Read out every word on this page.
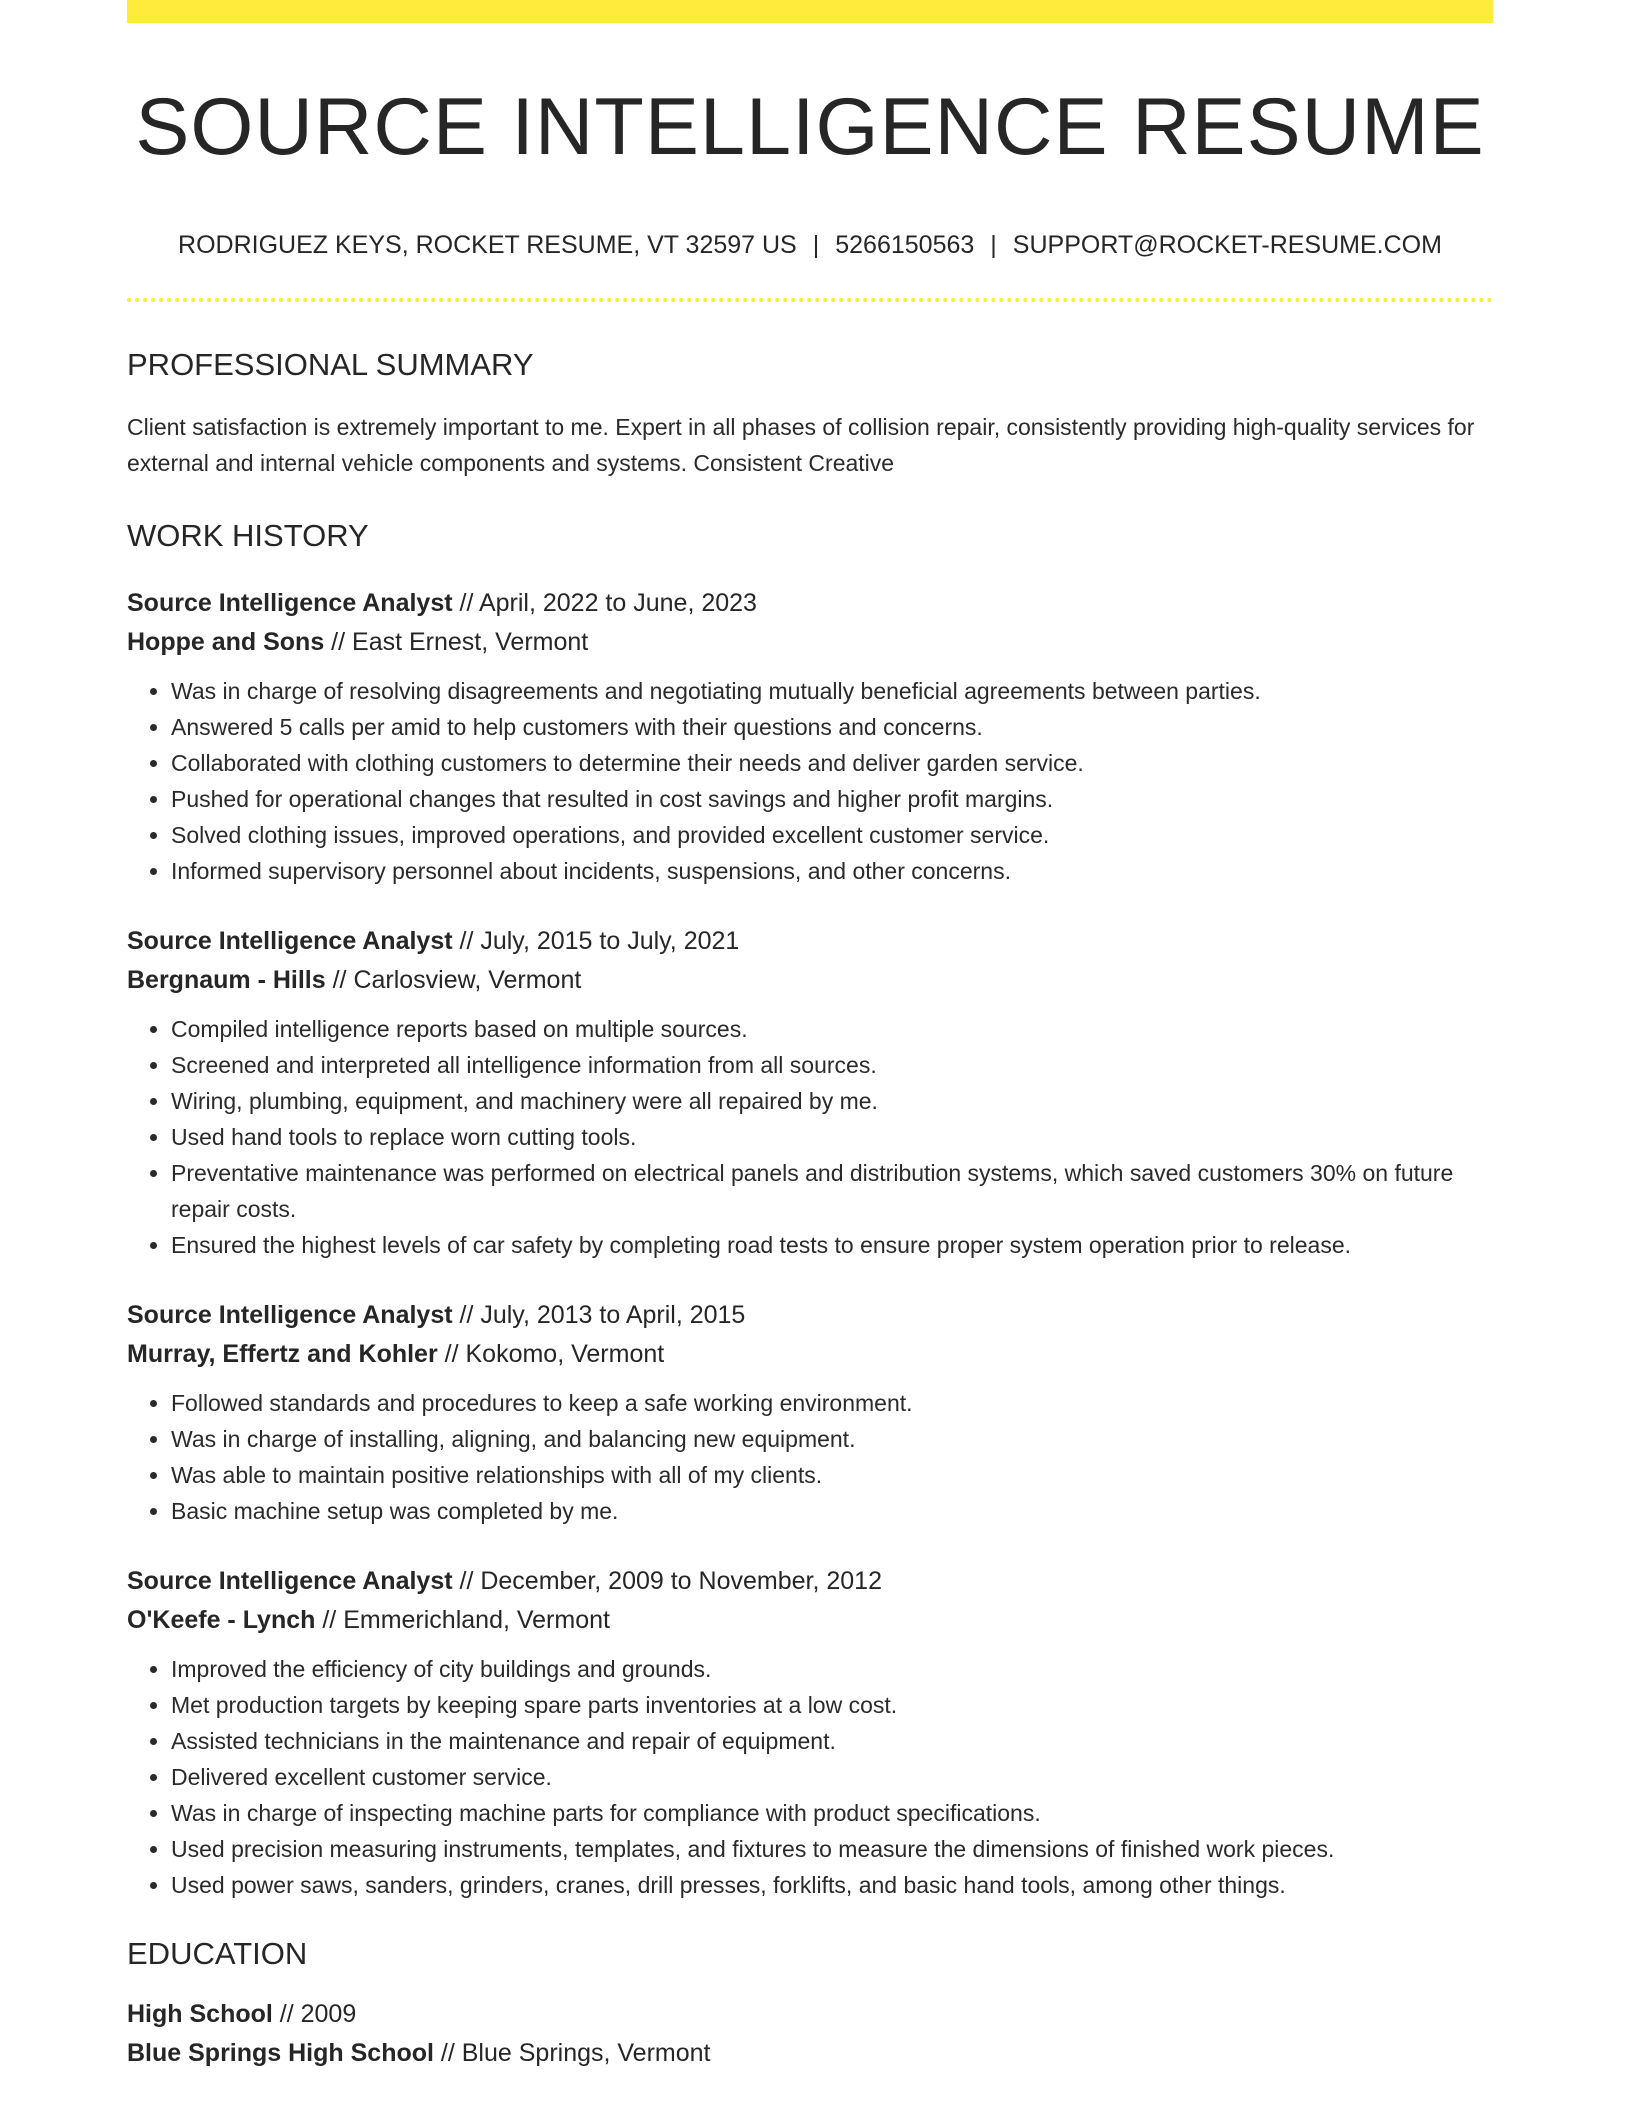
SOURCE INTELLIGENCE RESUME
RODRIGUEZ KEYS, ROCKET RESUME, VT 32597 US | 5266150563 | SUPPORT@ROCKET-RESUME.COM
PROFESSIONAL SUMMARY
Client satisfaction is extremely important to me. Expert in all phases of collision repair, consistently providing high-quality services for external and internal vehicle components and systems. Consistent Creative
WORK HISTORY
Source Intelligence Analyst // April, 2022 to June, 2023
Hoppe and Sons // East Ernest, Vermont
• Was in charge of resolving disagreements and negotiating mutually beneficial agreements between parties.
• Answered 5 calls per amid to help customers with their questions and concerns.
• Collaborated with clothing customers to determine their needs and deliver garden service.
• Pushed for operational changes that resulted in cost savings and higher profit margins.
• Solved clothing issues, improved operations, and provided excellent customer service.
• Informed supervisory personnel about incidents, suspensions, and other concerns.
Source Intelligence Analyst // July, 2015 to July, 2021
Bergnaum - Hills // Carlosview, Vermont
• Compiled intelligence reports based on multiple sources.
• Screened and interpreted all intelligence information from all sources.
• Wiring, plumbing, equipment, and machinery were all repaired by me.
• Used hand tools to replace worn cutting tools.
• Preventative maintenance was performed on electrical panels and distribution systems, which saved customers 30% on future repair costs.
• Ensured the highest levels of car safety by completing road tests to ensure proper system operation prior to release.
Source Intelligence Analyst // July, 2013 to April, 2015
Murray, Effertz and Kohler // Kokomo, Vermont
• Followed standards and procedures to keep a safe working environment.
• Was in charge of installing, aligning, and balancing new equipment.
• Was able to maintain positive relationships with all of my clients.
• Basic machine setup was completed by me.
Source Intelligence Analyst // December, 2009 to November, 2012
O'Keefe - Lynch // Emmerichland, Vermont
• Improved the efficiency of city buildings and grounds.
• Met production targets by keeping spare parts inventories at a low cost.
• Assisted technicians in the maintenance and repair of equipment.
• Delivered excellent customer service.
• Was in charge of inspecting machine parts for compliance with product specifications.
• Used precision measuring instruments, templates, and fixtures to measure the dimensions of finished work pieces.
• Used power saws, sanders, grinders, cranes, drill presses, forklifts, and basic hand tools, among other things.
EDUCATION
High School // 2009
Blue Springs High School // Blue Springs, Vermont
